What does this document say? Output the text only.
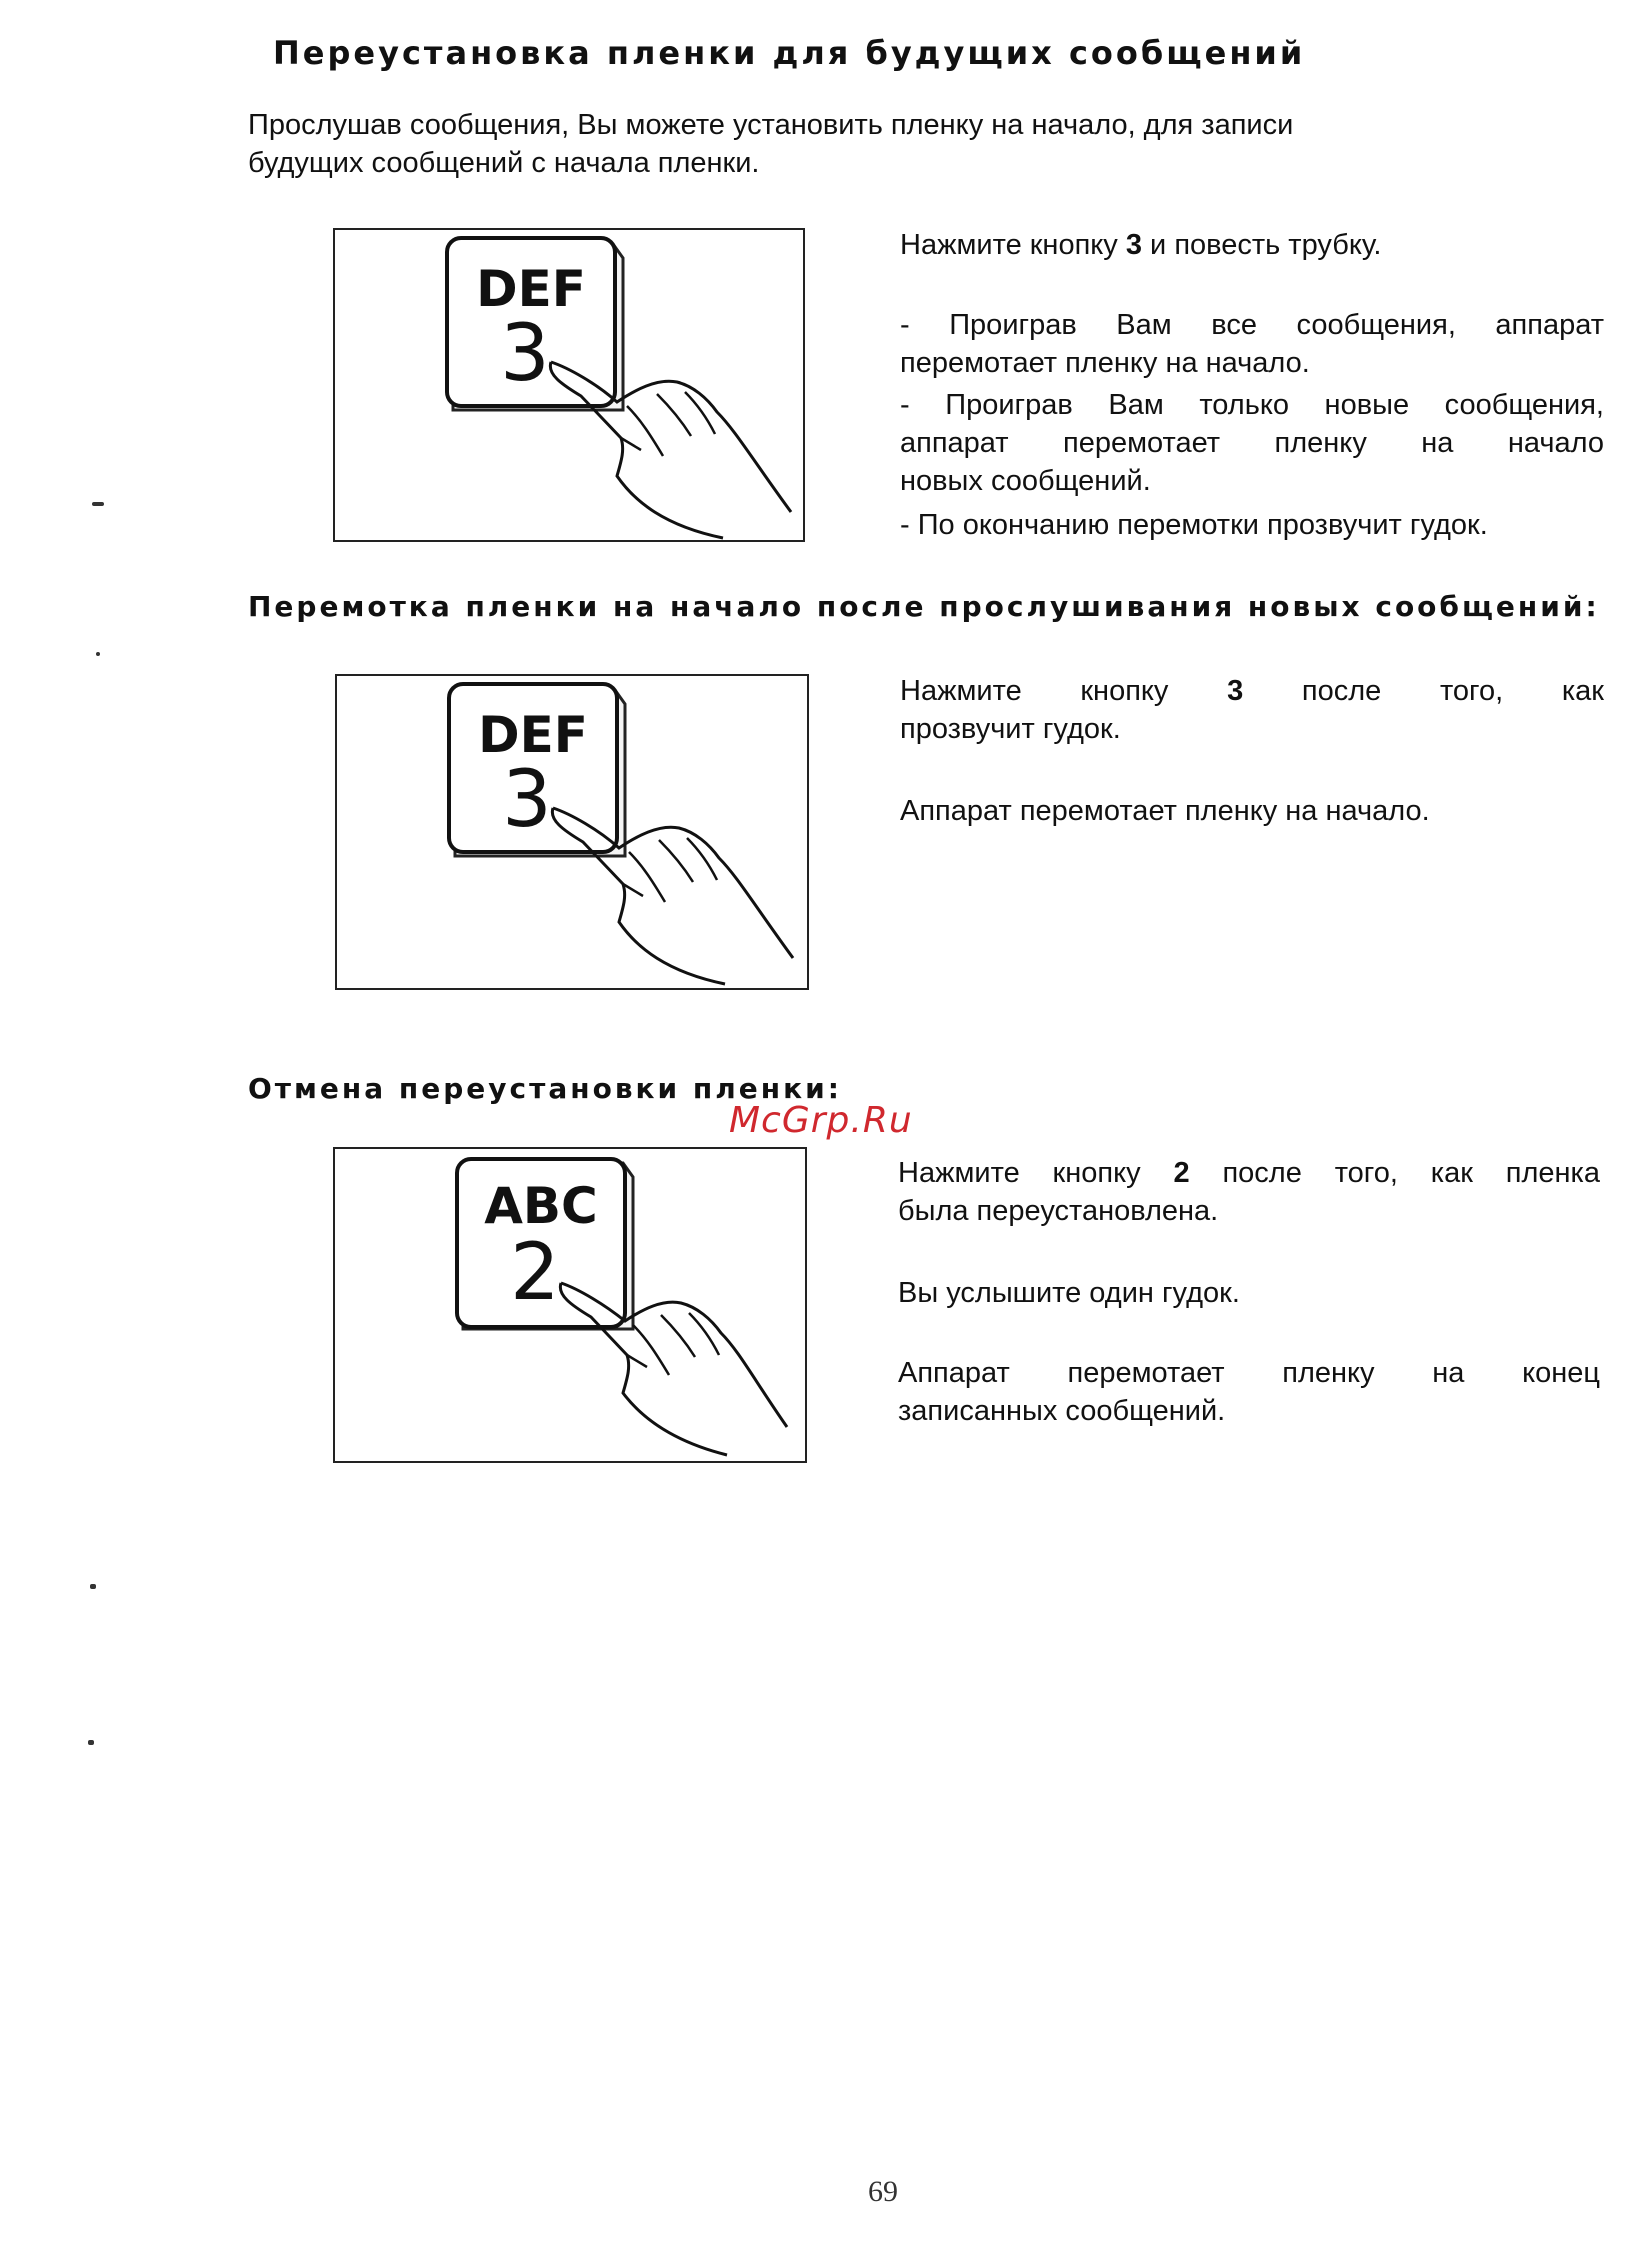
Переустановка пленки для будущих сообщений
Прослушав сообщения, Вы можете установить пленку на начало, для записи
будущих сообщений с начала пленки.
DEF
3
Нажмите кнопку 3 и повесть трубку.
- Проиграв Вам все сообщения, аппарат
перемотает пленку на начало.
- Проиграв Вам только новые сообщения,
аппарат перемотает пленку на начало
новых сообщений.
- По окончанию перемотки прозвучит гудок.
Перемотка пленки на начало после прослушивания новых сообщений:
DEF
3
Нажмите кнопку 3 после того, как
прозвучит гудок.
Аппарат перемотает пленку на начало.
Отмена переустановки пленки:
McGrp.Ru
ABC
2
Нажмите кнопку 2 после того, как пленка
была переустановлена.
Вы услышите один гудок.
Аппарат перемотает пленку на конец
записанных сообщений.
69
